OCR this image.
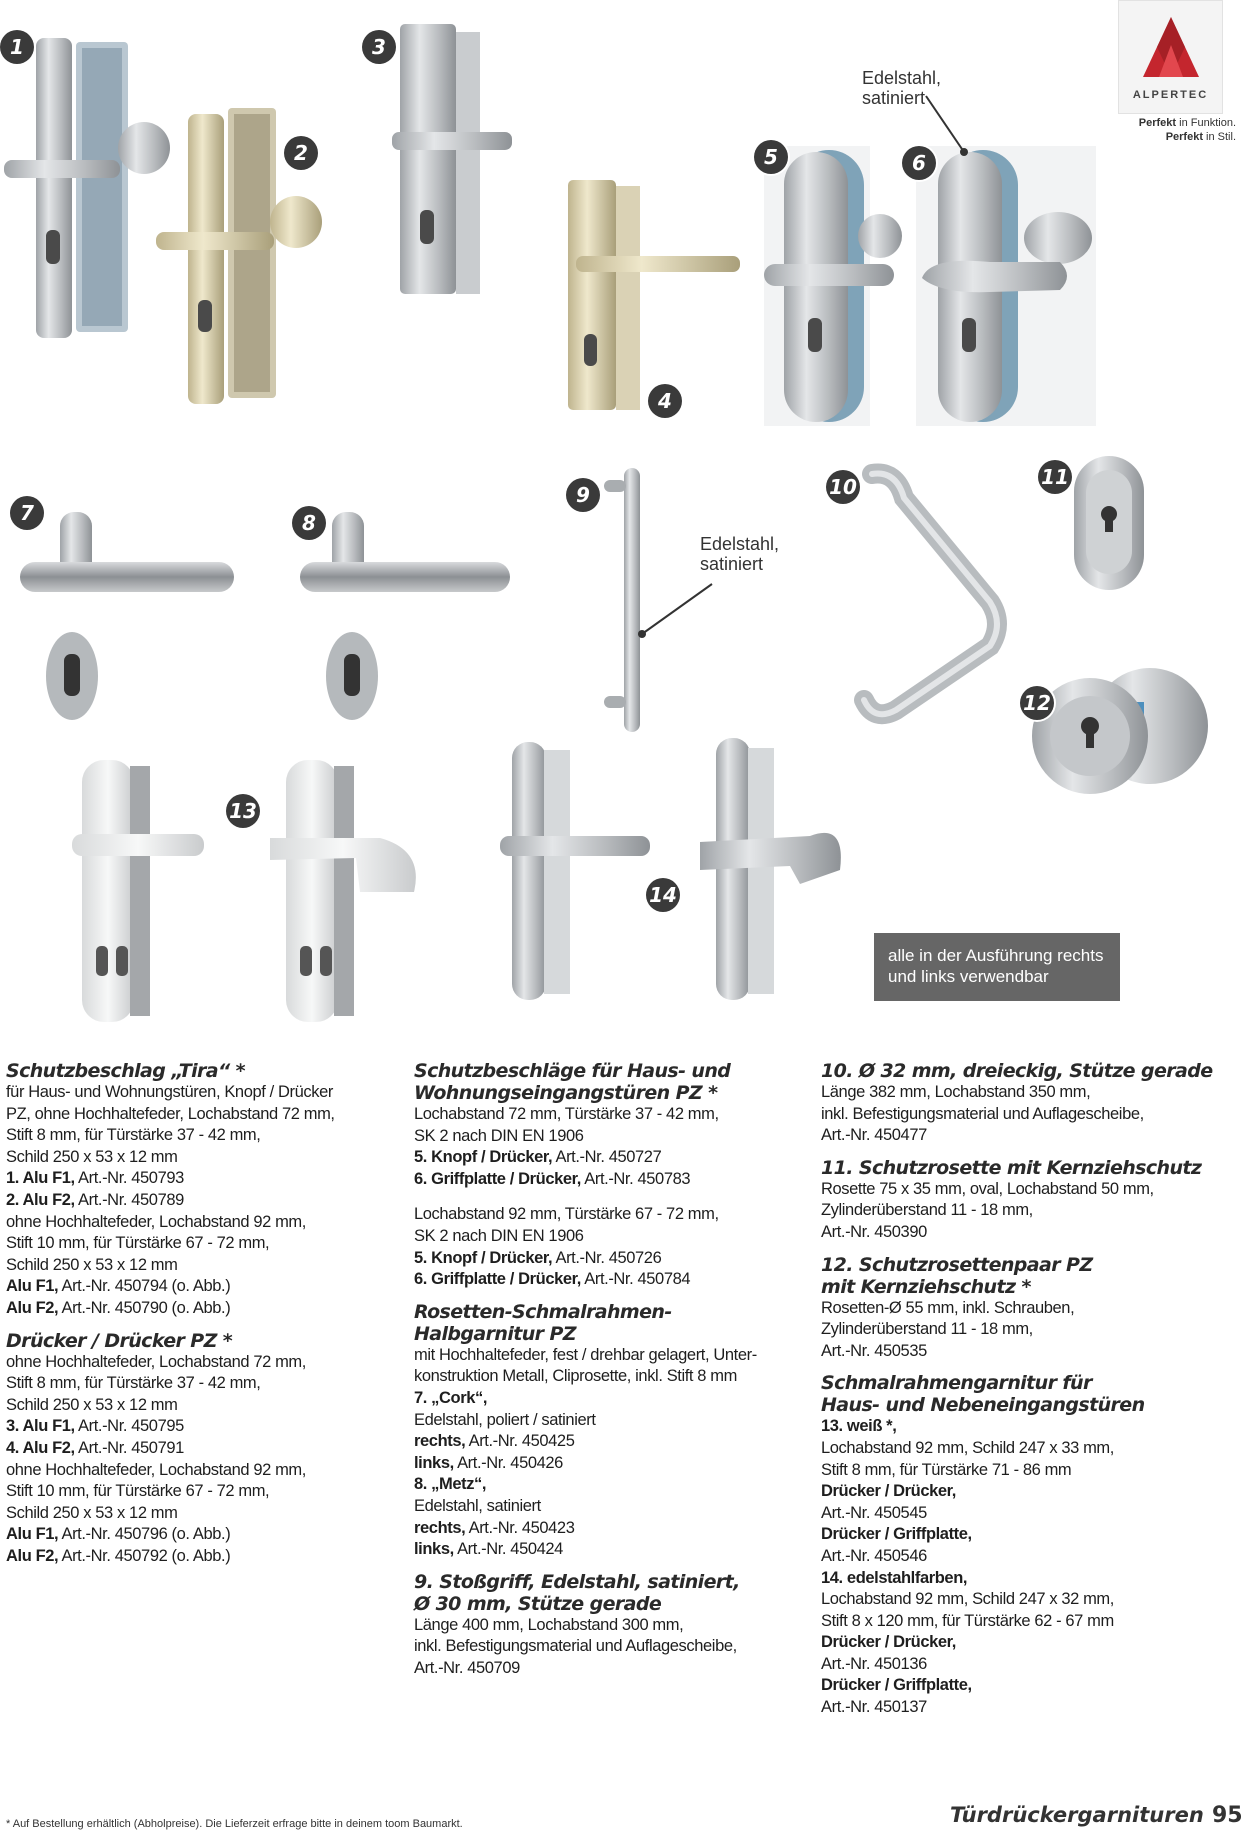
ALPERTEC
Perfekt in Funktion.
Perfekt in Stil.
1
2
3
4
5	6
7	8
9	10	11
12
13
14
Edelstahl,
satiniert
Edelstahl,
satiniert
alle in der Ausführung rechts
und links verwendbar
Schutzbeschlag „Tira“ *
für Haus- und Wohnungstüren, Knopf / Drücker
PZ, ohne Hochhaltefeder, Lochabstand 72 mm,
Stift 8 mm, für Türstärke 37 - 42 mm,
Schild 250 x 53 x 12 mm
1. Alu F1, Art.-Nr. 450793
2. Alu F2, Art.-Nr. 450789
ohne Hochhaltefeder, Lochabstand 92 mm,
Stift 10 mm, für Türstärke 67 - 72 mm,
Schild 250 x 53 x 12 mm
Alu F1, Art.-Nr. 450794 (o. Abb.)
Alu F2, Art.-Nr. 450790 (o. Abb.)
Drücker / Drücker PZ *
ohne Hochhaltefeder, Lochabstand 72 mm,
Stift 8 mm, für Türstärke 37 - 42 mm,
Schild 250 x 53 x 12 mm
3. Alu F1, Art.-Nr. 450795
4. Alu F2, Art.-Nr. 450791
ohne Hochhaltefeder, Lochabstand 92 mm,
Stift 10 mm, für Türstärke 67 - 72 mm,
Schild 250 x 53 x 12 mm
Alu F1, Art.-Nr. 450796 (o. Abb.)
Alu F2, Art.-Nr. 450792 (o. Abb.)
Schutzbeschläge für Haus- und
Wohnungseingangstüren PZ *
Lochabstand 72 mm, Türstärke 37 - 42 mm,
SK 2 nach DIN EN 1906
5. Knopf / Drücker, Art.-Nr. 450727
6. Griffplatte / Drücker, Art.-Nr. 450783
Lochabstand 92 mm, Türstärke 67 - 72 mm,
SK 2 nach DIN EN 1906
5. Knopf / Drücker, Art.-Nr. 450726
6. Griffplatte / Drücker, Art.-Nr. 450784
Rosetten-Schmalrahmen-
Halbgarnitur PZ
mit Hochhaltefeder, fest / drehbar gelagert, Unter-
konstruktion Metall, Cliprosette, inkl. Stift 8 mm
7. „Cork“,
Edelstahl, poliert / satiniert
rechts, Art.-Nr. 450425
links, Art.-Nr. 450426
8. „Metz“,
Edelstahl, satiniert
rechts, Art.-Nr. 450423
links, Art.-Nr. 450424
9. Stoßgriff, Edelstahl, satiniert,
Ø 30 mm, Stütze gerade
Länge 400 mm, Lochabstand 300 mm,
inkl. Befestigungsmaterial und Auflagescheibe,
Art.-Nr. 450709
10. Ø 32 mm, dreieckig, Stütze gerade
Länge 382 mm, Lochabstand 350 mm,
inkl. Befestigungsmaterial und Auflagescheibe,
Art.-Nr. 450477
11. Schutzrosette mit Kernziehschutz
Rosette 75 x 35 mm, oval, Lochabstand 50 mm,
Zylinderüberstand 11 - 18 mm,
Art.-Nr. 450390
12. Schutzrosettenpaar PZ
mit Kernziehschutz *
Rosetten-Ø 55 mm, inkl. Schrauben,
Zylinderüberstand 11 - 18 mm,
Art.-Nr. 450535
Schmalrahmengarnitur für
Haus- und Nebeneingangstüren
13. weiß *,
Lochabstand 92 mm, Schild 247 x 33 mm,
Stift 8 mm, für Türstärke 71 - 86 mm
Drücker / Drücker,
Art.-Nr. 450545
Drücker / Griffplatte,
Art.-Nr. 450546
14. edelstahlfarben,
Lochabstand 92 mm, Schild 247 x 32 mm,
Stift 8 x 120 mm, für Türstärke 62 - 67 mm
Drücker / Drücker,
Art.-Nr. 450136
Drücker / Griffplatte,
Art.-Nr. 450137
* Auf Bestellung erhältlich (Abholpreise). Die Lieferzeit erfrage bitte in deinem toom Baumarkt.	Türdrückergarnituren 95
